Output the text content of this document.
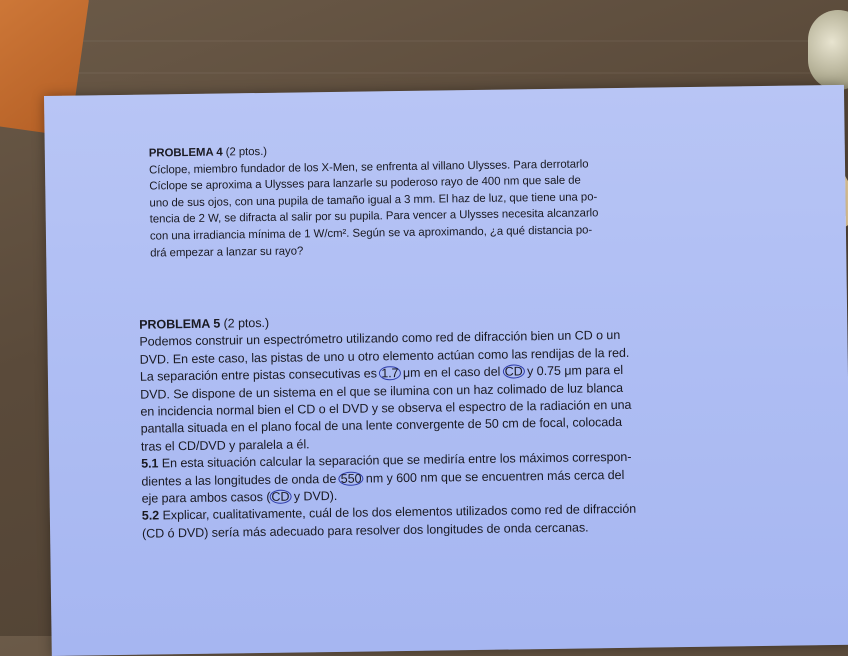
PROBLEMA 4 (2 ptos.)
Cíclope, miembro fundador de los X-Men, se enfrenta al villano Ulysses. Para derrotarlo
Cíclope se aproxima a Ulysses para lanzarle su poderoso rayo de 400 nm que sale de
uno de sus ojos, con una pupila de tamaño igual a 3 mm. El haz de luz, que tiene una po-
tencia de 2 W, se difracta al salir por su pupila. Para vencer a Ulysses necesita alcanzarlo
con una irradiancia mínima de 1 W/cm². Según se va aproximando, ¿a qué distancia po-
drá empezar a lanzar su rayo?
PROBLEMA 5 (2 ptos.)
Podemos construir un espectrómetro utilizando como red de difracción bien un CD o un
DVD. En este caso, las pistas de uno u otro elemento actúan como las rendijas de la red.
La separación entre pistas consecutivas es 1.7 μm en el caso del CD y 0.75 μm para el
DVD. Se dispone de un sistema en el que se ilumina con un haz colimado de luz blanca
en incidencia normal bien el CD o el DVD y se observa el espectro de la radiación en una
pantalla situada en el plano focal de una lente convergente de 50 cm de focal, colocada
tras el CD/DVD y paralela a él.
5.1 En esta situación calcular la separación que se mediría entre los máximos correspon-
dientes a las longitudes de onda de 550 nm y 600 nm que se encuentren más cerca del
eje para ambos casos (CD y DVD).
5.2 Explicar, cualitativamente, cuál de los dos elementos utilizados como red de difracción
(CD ó DVD) sería más adecuado para resolver dos longitudes de onda cercanas.
